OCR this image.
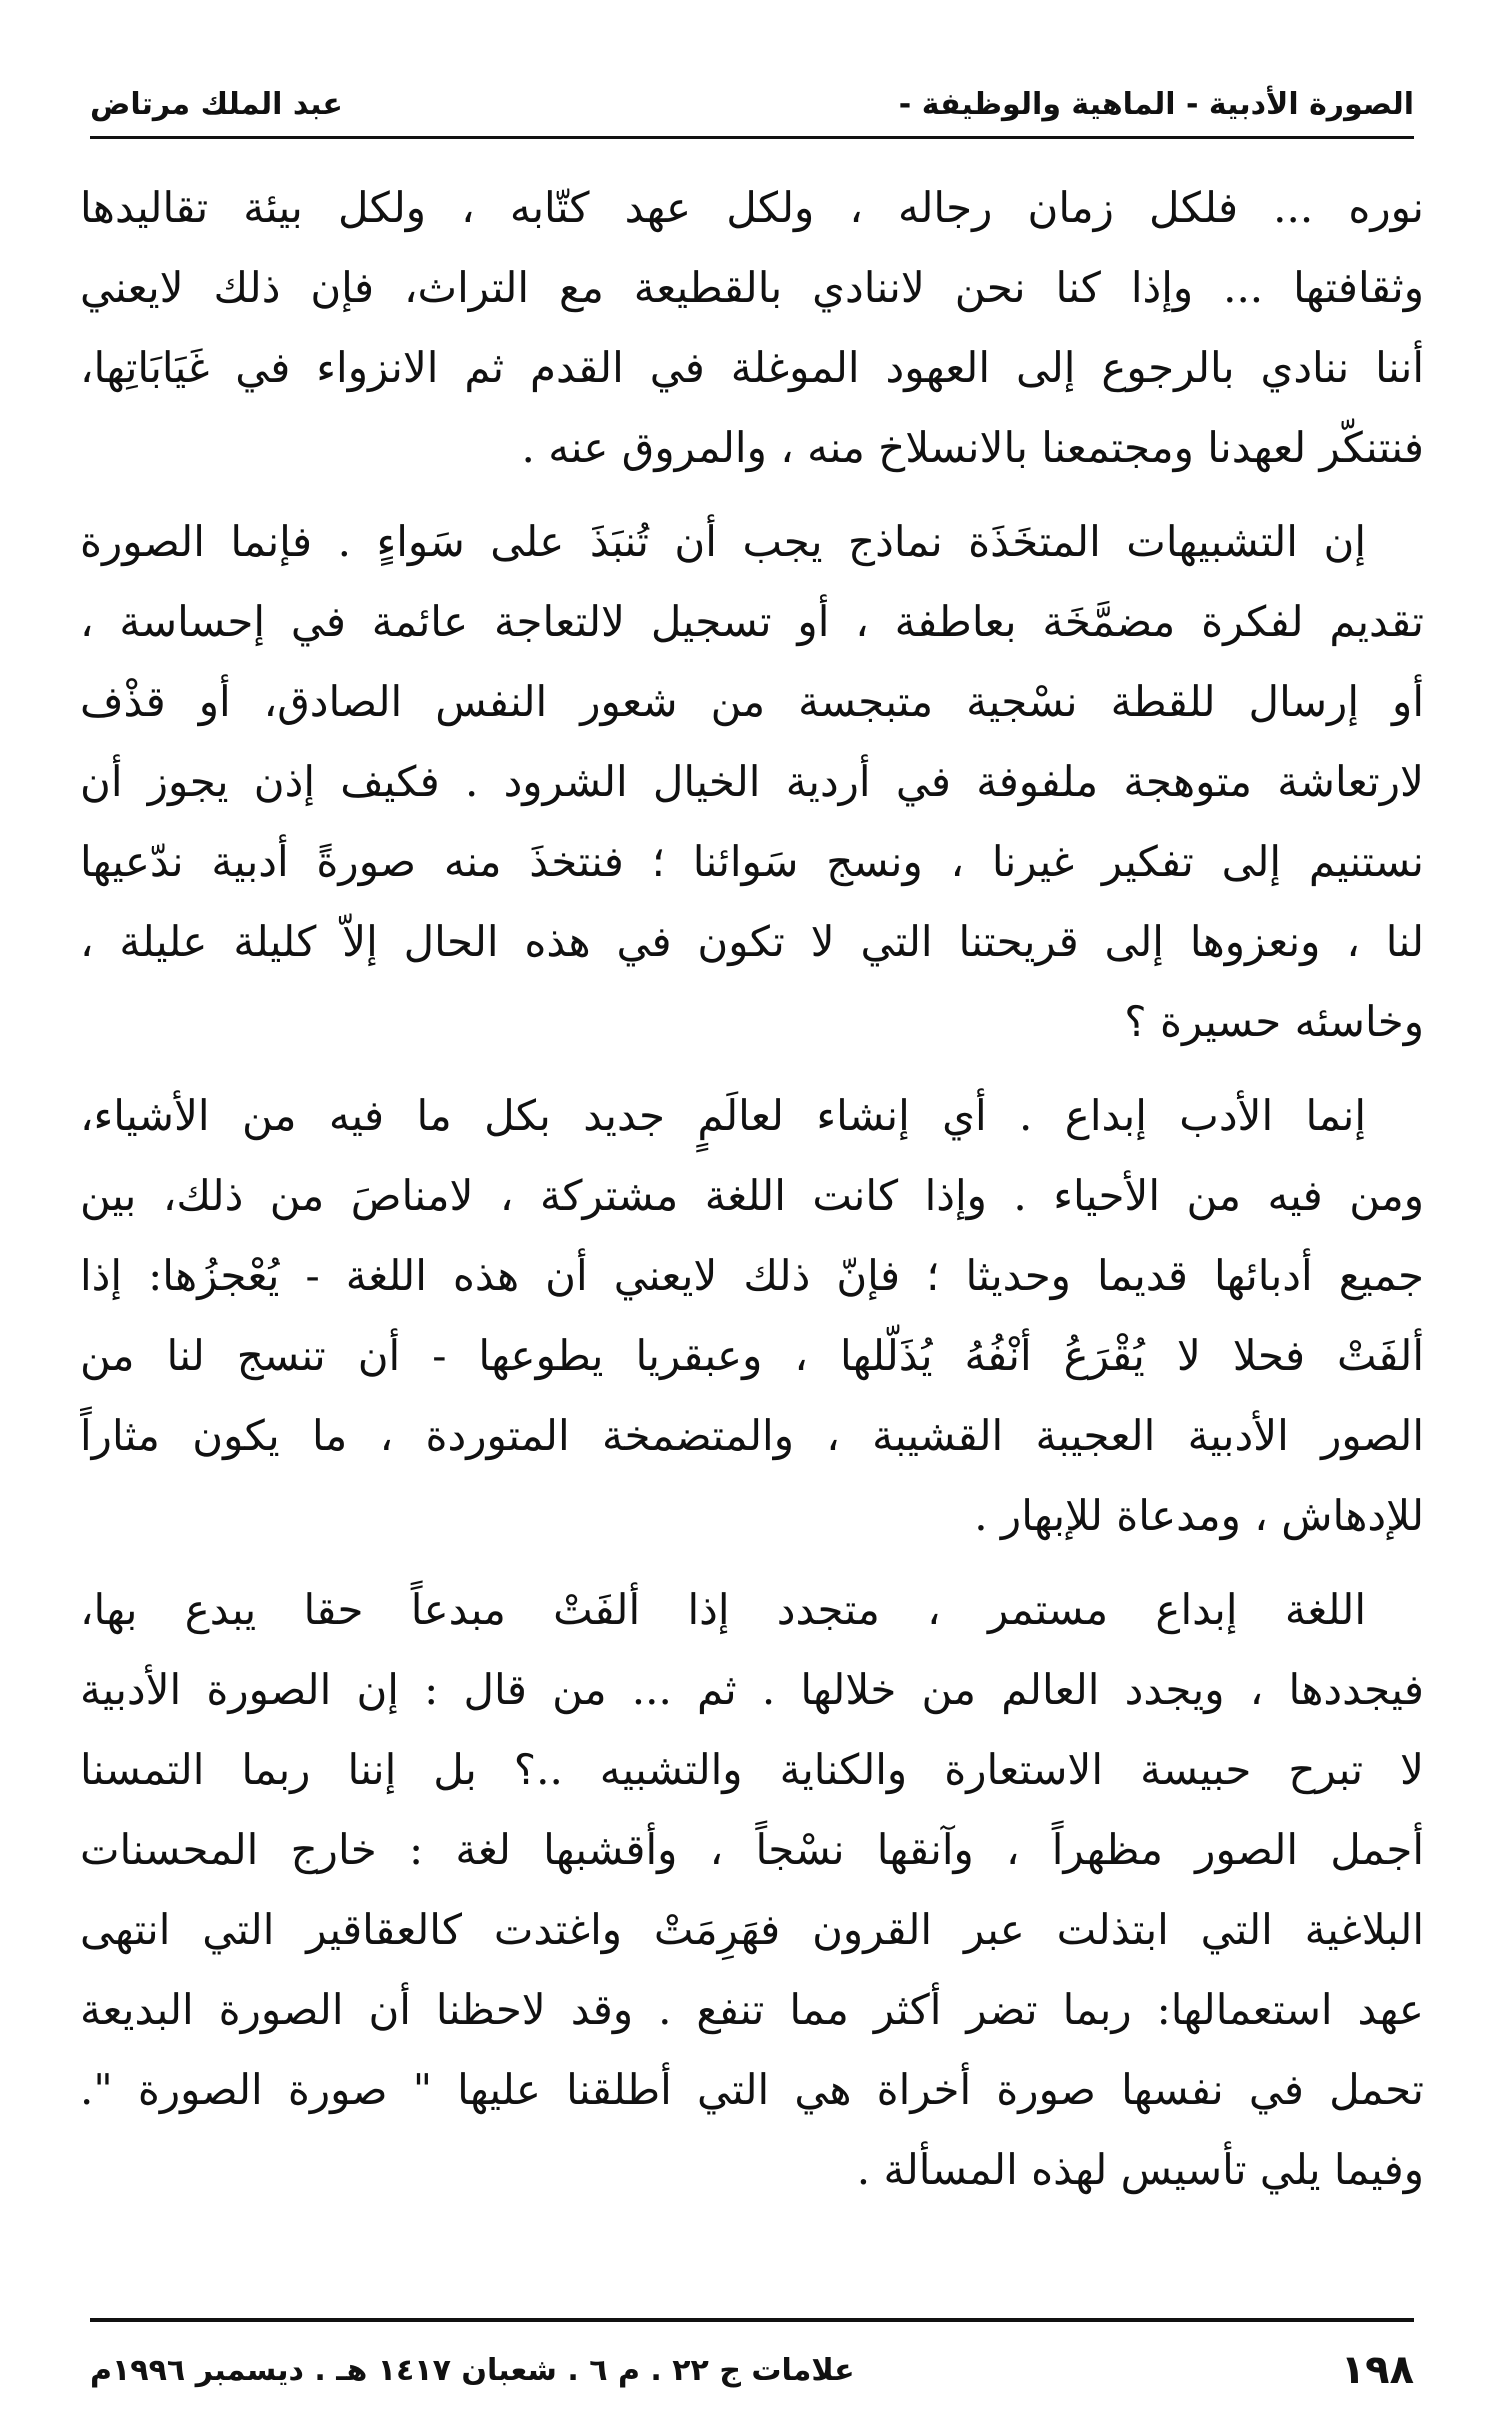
الصورة الأدبية - الماهية والوظيفة -
عبد الملك مرتاض
نوره ... فلكل زمان رجاله ، ولكل عهد كتّابه ، ولكل بيئة تقاليدها
وثقافتها ... وإذا كنا نحن لاننادي بالقطيعة مع التراث، فإن ذلك لايعني
أننا ننادي بالرجوع إلى العهود الموغلة في القدم ثم الانزواء في غَيَابَاتِها،
فنتنكّر لعهدنا ومجتمعنا بالانسلاخ منه ، والمروق عنه .
إن التشبيهات المتخَذَة نماذج يجب أن تُنبَذَ على سَواءٍ . فإنما الصورة
تقديم لفكرة مضمَّخَة بعاطفة ، أو تسجيل لالتعاجة عائمة في إحساسة ،
أو إرسال للقطة نسْجية متبجسة من شعور النفس الصادق، أو قذْف
لارتعاشة متوهجة ملفوفة في أردية الخيال الشرود . فكيف إذن يجوز أن
نستنيم إلى تفكير غيرنا ، ونسج سَوائنا ؛ فنتخذَ منه صورةً أدبية ندّعيها
لنا ، ونعزوها إلى قريحتنا التي لا تكون في هذه الحال إلاّ كليلة عليلة ،
وخاسئه حسيرة ؟
إنما الأدب إبداع . أي إنشاء لعالَمٍ جديد بكل ما فيه من الأشياء،
ومن فيه من الأحياء . وإذا كانت اللغة مشتركة ، لامناصَ من ذلك، بين
جميع أدبائها قديما وحديثا ؛ فإنّ ذلك لايعني أن هذه اللغة - يُعْجزُها: إذا
ألفَتْ فحلا لا يُقْرَعُ أنْفُهُ يُذَلّلها ، وعبقريا يطوعها - أن تنسج لنا من
الصور الأدبية العجيبة القشيبة ، والمتضمخة المتوردة ، ما يكون مثاراً
للإدهاش ، ومدعاة للإبهار .
اللغة إبداع مستمر ، متجدد إذا ألفَتْ مبدعاً حقا يبدع بها،
فيجددها ، ويجدد العالم من خلالها . ثم ... من قال : إن الصورة الأدبية
لا تبرح حبيسة الاستعارة والكناية والتشبيه ..؟ بل إننا ربما التمسنا
أجمل الصور مظهراً ، وآنقها نسْجاً ، وأقشبها لغة : خارج المحسنات
البلاغية التي ابتذلت عبر القرون فهَرِمَتْ واغتدت كالعقاقير التي انتهى
عهد استعمالها: ربما تضر أكثر مما تنفع . وقد لاحظنا أن الصورة البديعة
تحمل في نفسها صورة أخراة هي التي أطلقنا عليها " صورة الصورة ".
وفيما يلي تأسيس لهذه المسألة .
١٩٨
علامات ج ٢٢ . م ٦ . شعبان ١٤١٧ هـ . ديسمبر ١٩٩٦م
